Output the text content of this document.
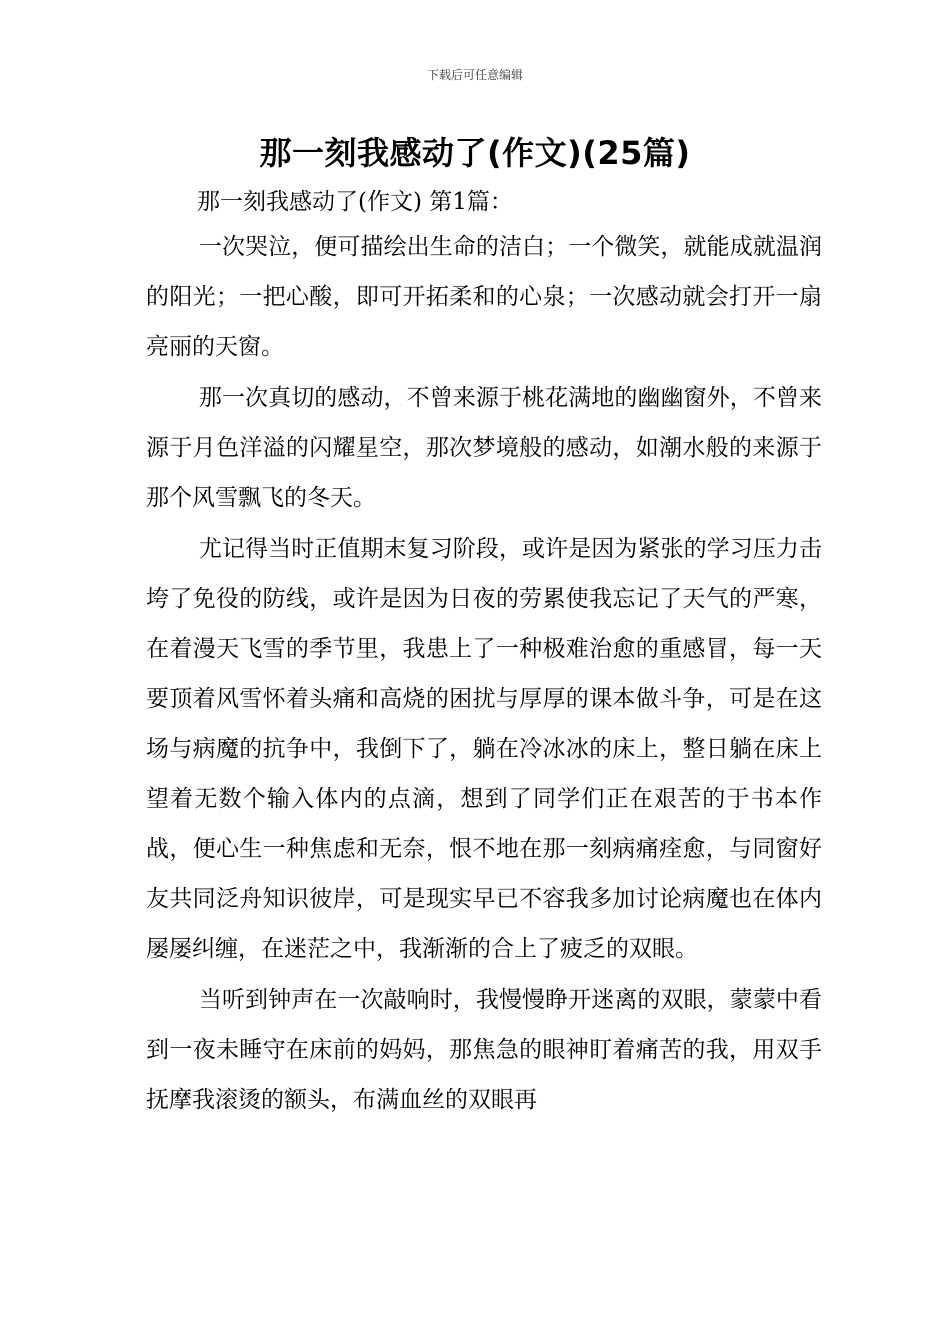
下载后可任意编辑
那一刻我感动了(作文)(25篇)

那一刻我感动了(作文) 第1篇：

一次哭泣，便可描绘出生命的洁白；一个微笑，就能成就温润的阳光；一把心酸，即可开拓柔和的心泉；一次感动就会打开一扇亮丽的天窗。

那一次真切的感动，不曾来源于桃花满地的幽幽窗外，不曾来源于月色洋溢的闪耀星空，那次梦境般的感动，如潮水般的来源于那个风雪飘飞的冬天。

尤记得当时正值期末复习阶段，或许是因为紧张的学习压力击垮了免役的防线，或许是因为日夜的劳累使我忘记了天气的严寒，在着漫天飞雪的季节里，我患上了一种极难治愈的重感冒，每一天要顶着风雪怀着头痛和高烧的困扰与厚厚的课本做斗争，可是在这场与病魔的抗争中，我倒下了，躺在冷冰冰的床上，整日躺在床上望着无数个输入体内的点滴，想到了同学们正在艰苦的于书本作战，便心生一种焦虑和无奈，恨不地在那一刻病痛痊愈，与同窗好友共同泛舟知识彼岸，可是现实早已不容我多加讨论病魔也在体内屡屡纠缠，在迷茫之中，我渐渐的合上了疲乏的双眼。

当听到钟声在一次敲响时，我慢慢睁开迷离的双眼，蒙蒙中看到一夜未睡守在床前的妈妈，那焦急的眼神盯着痛苦的我，用双手抚摩我滚烫的额头，布满血丝的双眼再
